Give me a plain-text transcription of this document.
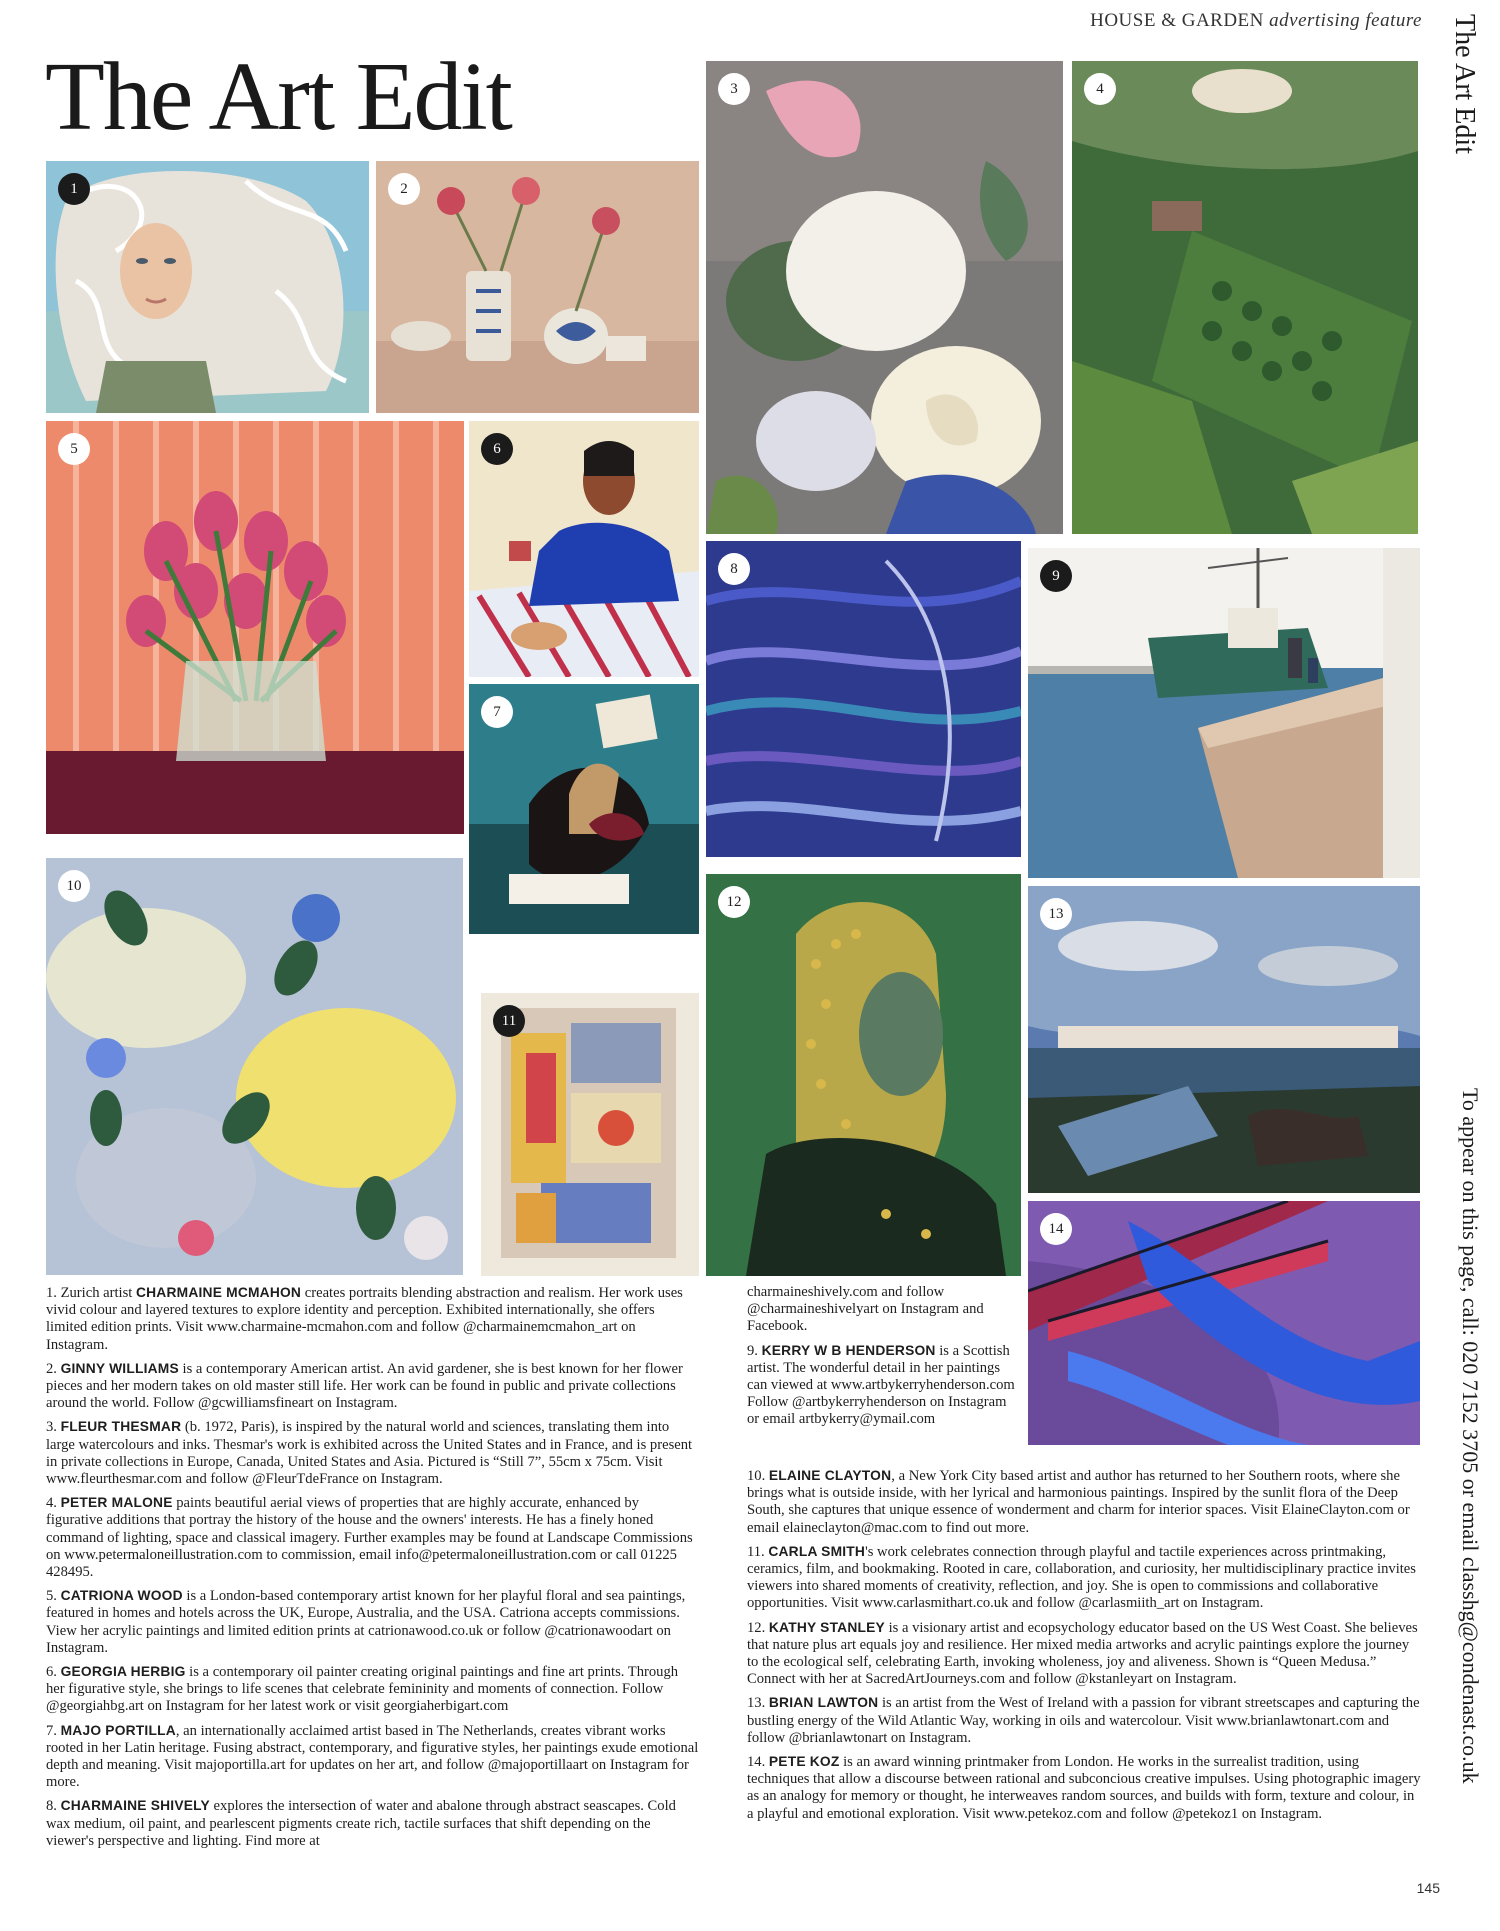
HOUSE & GARDEN advertising feature
The Art Edit	The Art Edit
To appear on this page, call: 020 7152 3705 or email classhg@condenast.co.uk
145
1	2
3	4
5	6
7
8	9
10
11
12
13
14

1. Zurich artist CHARMAINE MCMAHON creates portraits blending abstraction and realism. Her work uses vivid colour and layered textures to explore identity and perception. Exhibited internationally, she offers limited edition prints. Visit www.charmaine-mcmahon.com and follow @charmainemcmahon_art on Instagram.

2. GINNY WILLIAMS is a contemporary American artist. An avid gardener, she is best known for her flower pieces and her modern takes on old master still life. Her work can be found in public and private collections around the world. Follow @gcwilliamsfineart on Instagram.

3. FLEUR THESMAR (b. 1972, Paris), is inspired by the natural world and sciences, translating them into large watercolours and inks. Thesmar's work is exhibited across the United States and in France, and is present in private collections in Europe, Canada, United States and Asia. Pictured is “Still 7”, 55cm x 75cm. Visit www.fleurthesmar.com and follow @FleurTdeFrance on Instagram.

4. PETER MALONE paints beautiful aerial views of properties that are highly accurate, enhanced by figurative additions that portray the history of the house and the owners' interests. He has a finely honed command of lighting, space and classical imagery. Further examples may be found at Landscape Commissions on www.petermaloneillustration.com to commission, email info@petermaloneillustration.com or call 01225 428495.

5. CATRIONA WOOD is a London-based contemporary artist known for her playful floral and sea paintings, featured in homes and hotels across the UK, Europe, Australia, and the USA. Catriona accepts commissions. View her acrylic paintings and limited edition prints at catrionawood.co.uk or follow @catrionawoodart on Instagram.

6. GEORGIA HERBIG is a contemporary oil painter creating original paintings and fine art prints. Through her figurative style, she brings to life scenes that celebrate femininity and moments of connection. Follow @georgiahbg.art on Instagram for her latest work or visit georgiaherbigart.com

7. MAJO PORTILLA, an internationally acclaimed artist based in The Netherlands, creates vibrant works rooted in her Latin heritage. Fusing abstract, contemporary, and figurative styles, her paintings exude emotional depth and meaning. Visit majoportilla.art for updates on her art, and follow @majoportillaart on Instagram for more.

8. CHARMAINE SHIVELY explores the intersection of water and abalone through abstract seascapes. Cold wax medium, oil paint, and pearlescent pigments create rich, tactile surfaces that shift depending on the viewer's perspective and lighting. Find more at

charmaineshively.com and follow @charmaineshivelyart on Instagram and Facebook.

9. KERRY W B HENDERSON is a Scottish artist. The wonderful detail in her paintings can viewed at www.artbykerryhenderson.com Follow @artbykerryhenderson on Instagram or email artbykerry@ymail.com

10. ELAINE CLAYTON, a New York City based artist and author has returned to her Southern roots, where she brings what is outside inside, with her lyrical and harmonious paintings. Inspired by the sunlit flora of the Deep South, she captures that unique essence of wonderment and charm for interior spaces. Visit ElaineClayton.com or email elaineclayton@mac.com to find out more.

11. CARLA SMITH's work celebrates connection through playful and tactile experiences across printmaking, ceramics, film, and bookmaking. Rooted in care, collaboration, and curiosity, her multidisciplinary practice invites viewers into shared moments of creativity, reflection, and joy. She is open to commissions and collaborative opportunities. Visit www.carlasmithart.co.uk and follow @carlasmiith_art on Instagram.

12. KATHY STANLEY is a visionary artist and ecopsychology educator based on the US West Coast. She believes that nature plus art equals joy and resilience. Her mixed media artworks and acrylic paintings explore the journey to the ecological self, celebrating Earth, invoking wholeness, joy and aliveness. Shown is “Queen Medusa.” Connect with her at SacredArtJourneys.com and follow @kstanleyart on Instagram.

13. BRIAN LAWTON is an artist from the West of Ireland with a passion for vibrant streetscapes and capturing the bustling energy of the Wild Atlantic Way, working in oils and watercolour. Visit www.brianlawtonart.com and follow @brianlawtonart on Instagram.

14. PETE KOZ is an award winning printmaker from London. He works in the surrealist tradition, using techniques that allow a discourse between rational and subconcious creative impulses. Using photographic imagery as an analogy for memory or thought, he interweaves random sources, and builds with form, texture and colour, in a playful and emotional exploration. Visit www.petekoz.com and follow @petekoz1 on Instagram.
